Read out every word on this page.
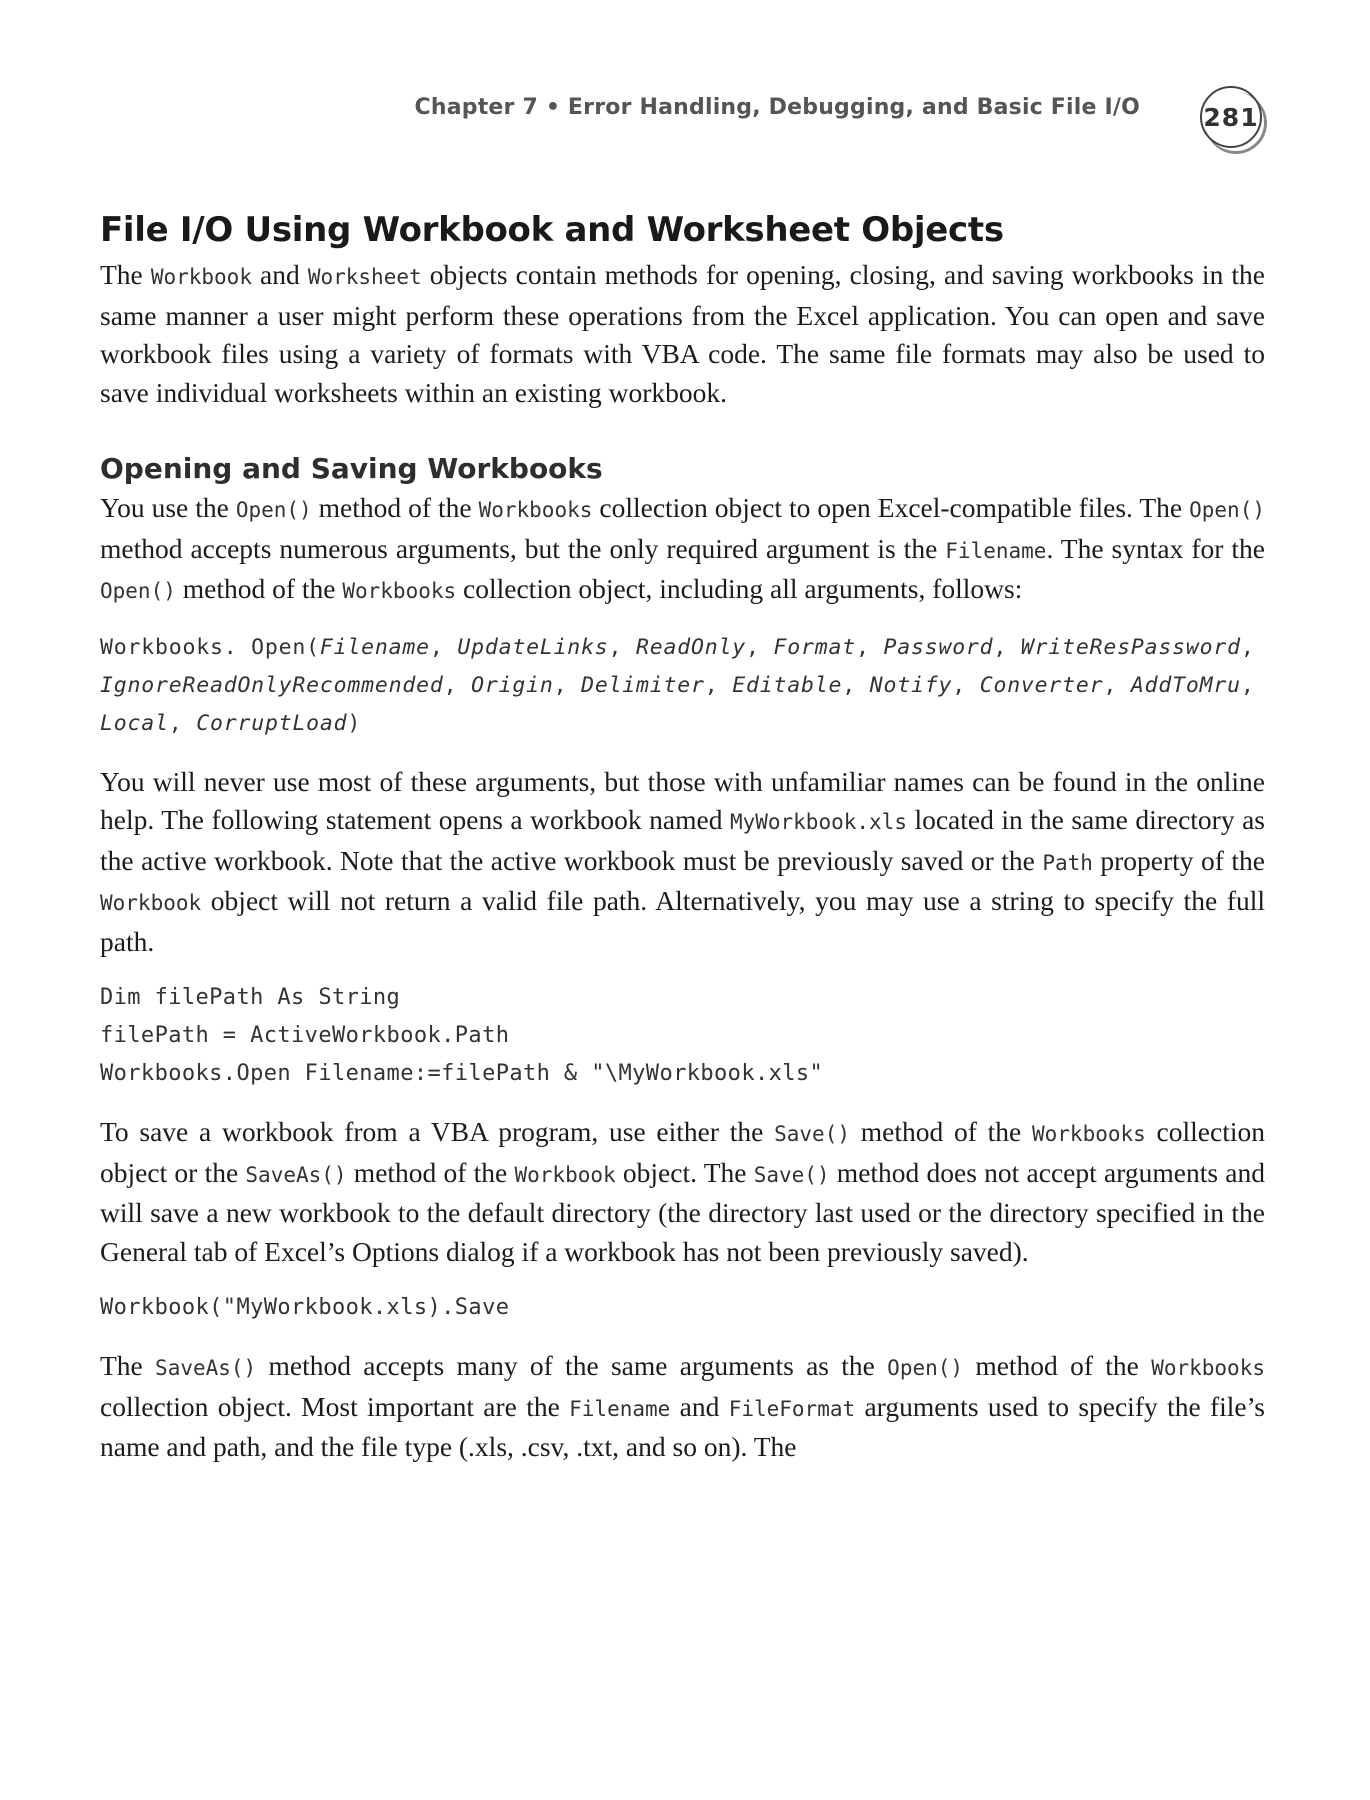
Chapter 7 • Error Handling, Debugging, and Basic File I/O	281
File I/O Using Workbook and Worksheet Objects

The Workbook and Worksheet objects contain methods for opening, closing, and saving workbooks in the same manner a user might perform these operations from the Excel application. You can open and save workbook files using a variety of formats with VBA code. The same file formats may also be used to save individual worksheets within an existing workbook.

Opening and Saving Workbooks

You use the Open() method of the Workbooks collection object to open Excel-compatible files. The Open() method accepts numerous arguments, but the only required argument is the Filename. The syntax for the Open() method of the Workbooks collection object, including all arguments, follows:

Workbooks. Open(Filename, UpdateLinks, ReadOnly, Format, Password, WriteResPassword,
IgnoreReadOnlyRecommended, Origin, Delimiter, Editable, Notify, Converter, AddToMru,
Local, CorruptLoad)

You will never use most of these arguments, but those with unfamiliar names can be found in the online help. The following statement opens a workbook named MyWorkbook.xls located in the same directory as the active workbook. Note that the active workbook must be previously saved or the Path property of the Workbook object will not return a valid file path. Alternatively, you may use a string to specify the full path.

Dim filePath As String
filePath = ActiveWorkbook.Path
Workbooks.Open Filename:=filePath & "\MyWorkbook.xls"

To save a workbook from a VBA program, use either the Save() method of the Workbooks collection object or the SaveAs() method of the Workbook object. The Save() method does not accept arguments and will save a new workbook to the default directory (the directory last used or the directory specified in the General tab of Excel’s Options dialog if a workbook has not been previously saved).

Workbook("MyWorkbook.xls).Save

The SaveAs() method accepts many of the same arguments as the Open() method of the Workbooks collection object. Most important are the Filename and FileFormat arguments used to specify the file’s name and path, and the file type (.xls, .csv, .txt, and so on). The
